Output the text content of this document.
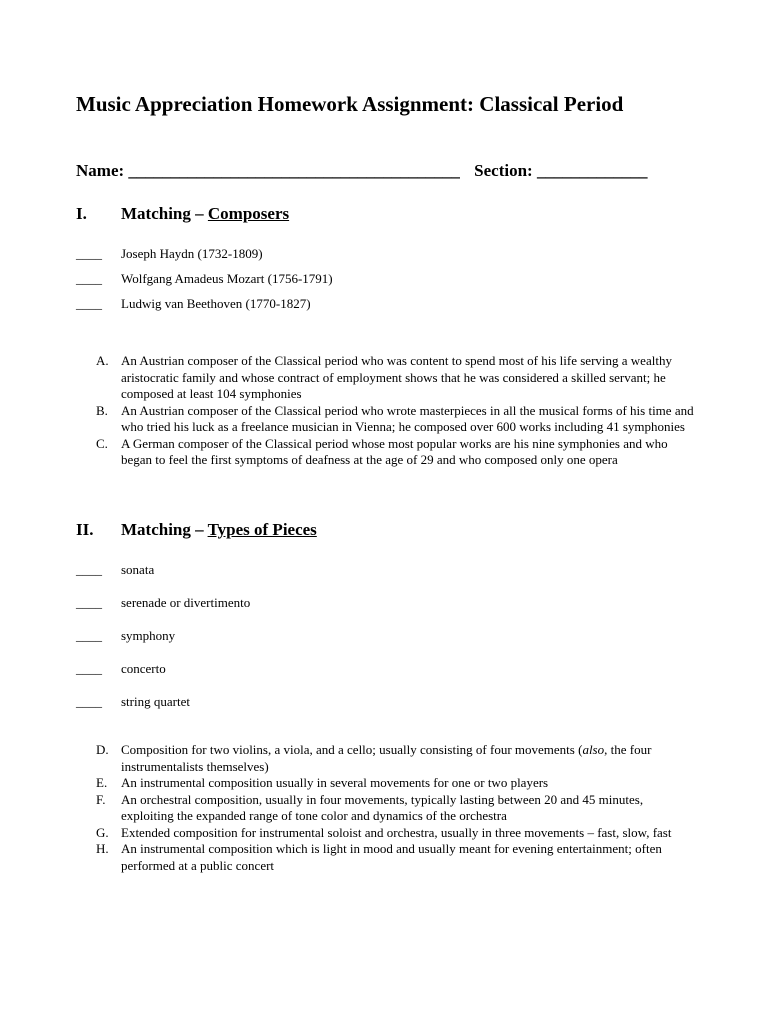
Music Appreciation Homework Assignment: Classical Period
Name: _______________________________________ Section: _____________
I. Matching – Composers
____ Joseph Haydn (1732-1809)
____ Wolfgang Amadeus Mozart (1756-1791)
____ Ludwig van Beethoven (1770-1827)
A. An Austrian composer of the Classical period who was content to spend most of his life serving a wealthy aristocratic family and whose contract of employment shows that he was considered a skilled servant; he composed at least 104 symphonies
B.	An Austrian composer of the Classical period who wrote masterpieces in all the musical forms of his time and who tried his luck as a freelance musician in Vienna; he composed over 600 works including 41 symphonies
C.	A German composer of the Classical period whose most popular works are his nine symphonies and who began to feel the first symptoms of deafness at the age of 29 and who composed only one opera
II. Matching – Types of Pieces
____ sonata
____ serenade or divertimento
____ symphony
____ concerto
____ string quartet
D. Composition for two violins, a viola, and a cello; usually consisting of four movements (also, the four instrumentalists themselves)
E.	An instrumental composition usually in several movements for one or two players
F.	An orchestral composition, usually in four movements, typically lasting between 20 and 45 minutes, exploiting the expanded range of tone color and dynamics of the orchestra
G. Extended composition for instrumental soloist and orchestra, usually in three movements – fast, slow, fast
H. An instrumental composition which is light in mood and usually meant for evening entertainment; often performed at a public concert
